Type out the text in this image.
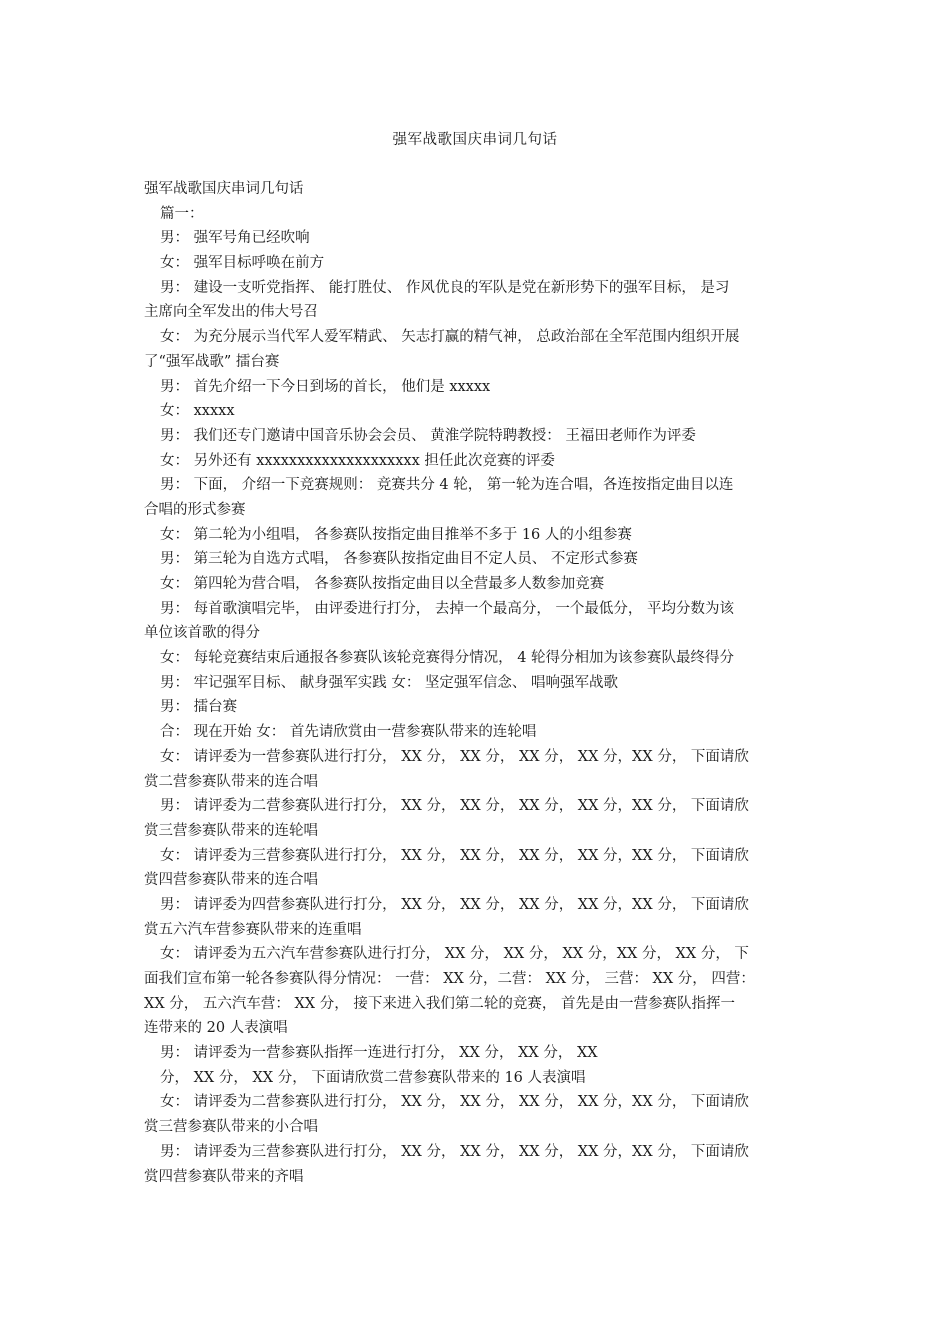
强军战歌国庆串词几句话
强军战歌国庆串词几句话
篇一：
男： 强军号角已经吹响
女： 强军目标呼唤在前方
男： 建设一支听党指挥、 能打胜仗、 作风优良的军队是党在新形势下的强军目标， 是习
主席向全军发出的伟大号召
女： 为充分展示当代军人爱军精武、 矢志打赢的精气神， 总政治部在全军范围内组织开展
了“强军战歌” 擂台赛
男： 首先介绍一下今日到场的首长， 他们是 xxxxx
女： xxxxx
男： 我们还专门邀请中国音乐协会会员、 黄淮学院特聘教授： 王福田老师作为评委
女： 另外还有 xxxxxxxxxxxxxxxxxxxx 担任此次竞赛的评委
男： 下面， 介绍一下竞赛规则： 竞赛共分 4 轮， 第一轮为连合唱，各连按指定曲目以连
合唱的形式参赛
女： 第二轮为小组唱， 各参赛队按指定曲目推举不多于 16 人的小组参赛
男： 第三轮为自选方式唱， 各参赛队按指定曲目不定人员、 不定形式参赛
女： 第四轮为营合唱， 各参赛队按指定曲目以全营最多人数参加竞赛
男： 每首歌演唱完毕， 由评委进行打分， 去掉一个最高分， 一个最低分， 平均分数为该
单位该首歌的得分
女： 每轮竞赛结束后通报各参赛队该轮竞赛得分情况， 4 轮得分相加为该参赛队最终得分
男： 牢记强军目标、 献身强军实践 女： 坚定强军信念、 唱响强军战歌
男： 擂台赛
合： 现在开始 女： 首先请欣赏由一营参赛队带来的连轮唱
女： 请评委为一营参赛队进行打分， XX 分， XX 分， XX 分， XX 分，XX 分， 下面请欣
赏二营参赛队带来的连合唱
男： 请评委为二营参赛队进行打分， XX 分， XX 分， XX 分， XX 分，XX 分， 下面请欣
赏三营参赛队带来的连轮唱
女： 请评委为三营参赛队进行打分， XX 分， XX 分， XX 分， XX 分，XX 分， 下面请欣
赏四营参赛队带来的连合唱
男： 请评委为四营参赛队进行打分， XX 分， XX 分， XX 分， XX 分，XX 分， 下面请欣
赏五六汽车营参赛队带来的连重唱
女： 请评委为五六汽车营参赛队进行打分， XX 分， XX 分， XX 分，XX 分， XX 分， 下
面我们宣布第一轮各参赛队得分情况： 一营： XX 分，二营： XX 分， 三营： XX 分， 四营：
XX 分， 五六汽车营： XX 分， 接下来进入我们第二轮的竞赛， 首先是由一营参赛队指挥一
连带来的 20 人表演唱
男： 请评委为一营参赛队指挥一连进行打分， XX 分， XX 分， XX
分， XX 分， XX 分， 下面请欣赏二营参赛队带来的 16 人表演唱
女： 请评委为二营参赛队进行打分， XX 分， XX 分， XX 分， XX 分，XX 分， 下面请欣
赏三营参赛队带来的小合唱
男： 请评委为三营参赛队进行打分， XX 分， XX 分， XX 分， XX 分，XX 分， 下面请欣
赏四营参赛队带来的齐唱
